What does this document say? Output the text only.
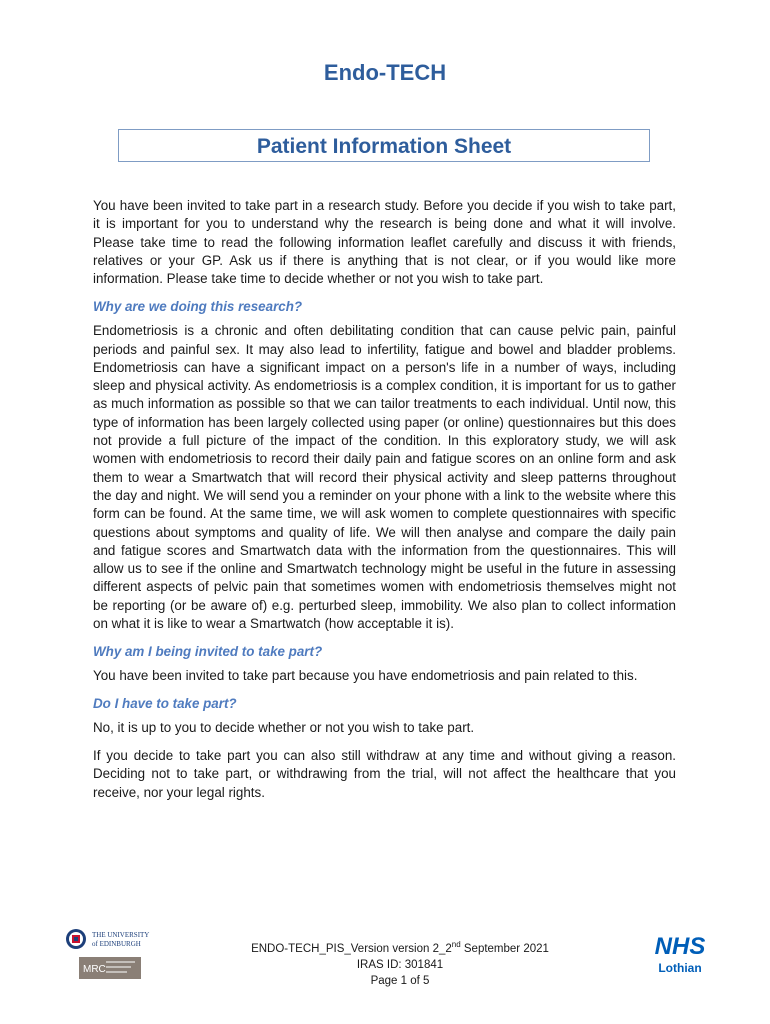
Endo-TECH
Patient Information Sheet

You have been invited to take part in a research study. Before you decide if you wish to take part, it is important for you to understand why the research is being done and what it will involve. Please take time to read the following information leaflet carefully and discuss it with friends, relatives or your GP. Ask us if there is anything that is not clear, or if you would like more information. Please take time to decide whether or not you wish to take part.

Why are we doing this research?

Endometriosis is a chronic and often debilitating condition that can cause pelvic pain, painful periods and painful sex. It may also lead to infertility, fatigue and bowel and bladder problems. Endometriosis can have a significant impact on a person's life in a number of ways, including sleep and physical activity. As endometriosis is a complex condition, it is important for us to gather as much information as possible so that we can tailor treatments to each individual. Until now, this type of information has been largely collected using paper (or online) questionnaires but this does not provide a full picture of the impact of the condition. In this exploratory study, we will ask women with endometriosis to record their daily pain and fatigue scores on an online form and ask them to wear a Smartwatch that will record their physical activity and sleep patterns throughout the day and night. We will send you a reminder on your phone with a link to the website where this form can be found. At the same time, we will ask women to complete questionnaires with specific questions about symptoms and quality of life. We will then analyse and compare the daily pain and fatigue scores and Smartwatch data with the information from the questionnaires. This will allow us to see if the online and Smartwatch technology might be useful in the future in assessing different aspects of pelvic pain that sometimes women with endometriosis themselves might not be reporting (or be aware of) e.g. perturbed sleep, immobility. We also plan to collect information on what it is like to wear a Smartwatch (how acceptable it is).

Why am I being invited to take part?

You have been invited to take part because you have endometriosis and pain related to this.

Do I have to take part?

No, it is up to you to decide whether or not you wish to take part.

If you decide to take part you can also still withdraw at any time and without giving a reason. Deciding not to take part, or withdrawing from the trial, will not affect the healthcare that you receive, nor your legal rights.

THE UNIVERSITY
of EDINBURGH
MRC
ENDO-TECH_PIS_Version version 2_2nd September 2021
IRAS ID: 301841
Page 1 of 5
NHS
Lothian
